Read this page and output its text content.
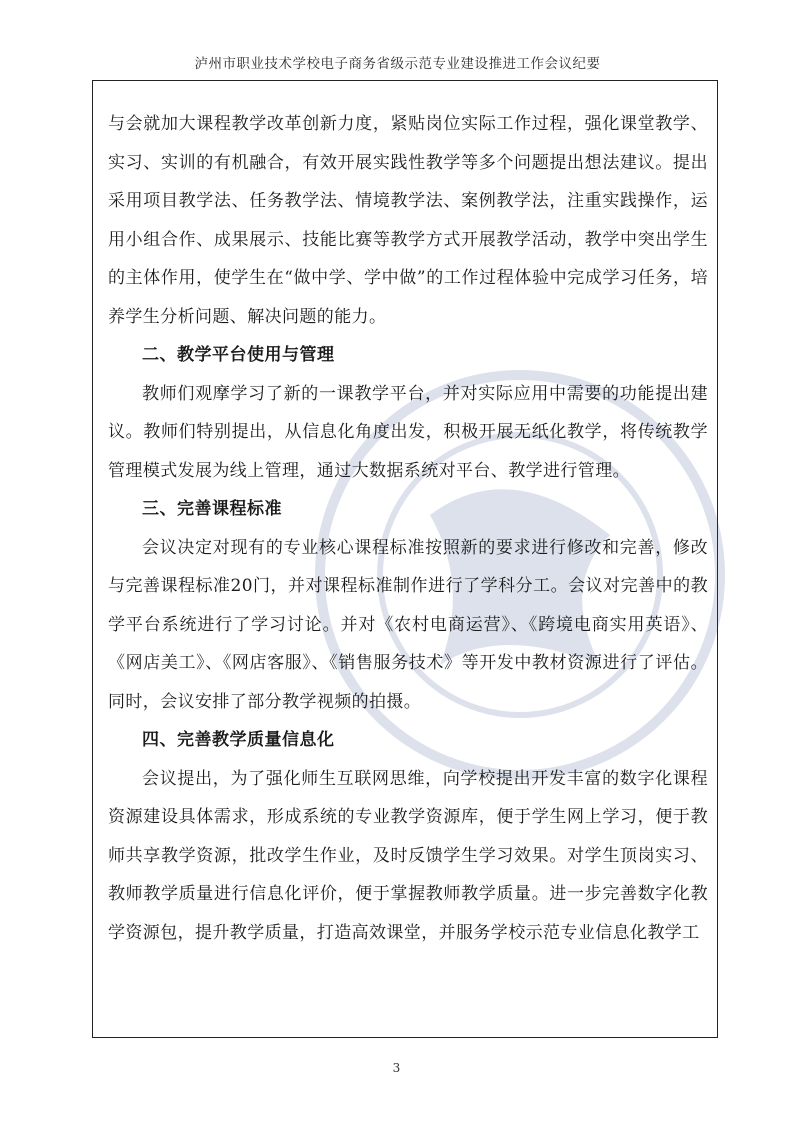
泸州市职业技术学校电子商务省级示范专业建设推进工作会议纪要

与会就加大课程教学改革创新力度，紧贴岗位实际工作过程，强化课堂教学、实习、实训的有机融合，有效开展实践性教学等多个问题提出想法建议。提出采用项目教学法、任务教学法、情境教学法、案例教学法，注重实践操作，运用小组合作、成果展示、技能比赛等教学方式开展教学活动，教学中突出学生的主体作用，使学生在“做中学、学中做”的工作过程体验中完成学习任务，培养学生分析问题、解决问题的能力。

二、教学平台使用与管理

教师们观摩学习了新的一课教学平台，并对实际应用中需要的功能提出建议。教师们特别提出，从信息化角度出发，积极开展无纸化教学，将传统教学管理模式发展为线上管理，通过大数据系统对平台、教学进行管理。

三、完善课程标准

会议决定对现有的专业核心课程标准按照新的要求进行修改和完善，修改与完善课程标准20门，并对课程标准制作进行了学科分工。会议对完善中的教学平台系统进行了学习讨论。并对《农村电商运营》、《跨境电商实用英语》、《网店美工》、《网店客服》、《销售服务技术》等开发中教材资源进行了评估。同时，会议安排了部分教学视频的拍摄。

四、完善教学质量信息化

会议提出，为了强化师生互联网思维，向学校提出开发丰富的数字化课程资源建设具体需求，形成系统的专业教学资源库，便于学生网上学习，便于教师共享教学资源，批改学生作业，及时反馈学生学习效果。对学生顶岗实习、教师教学质量进行信息化评价，便于掌握教师教学质量。进一步完善数字化教学资源包，提升教学质量，打造高效课堂，并服务学校示范专业信息化教学工

3
